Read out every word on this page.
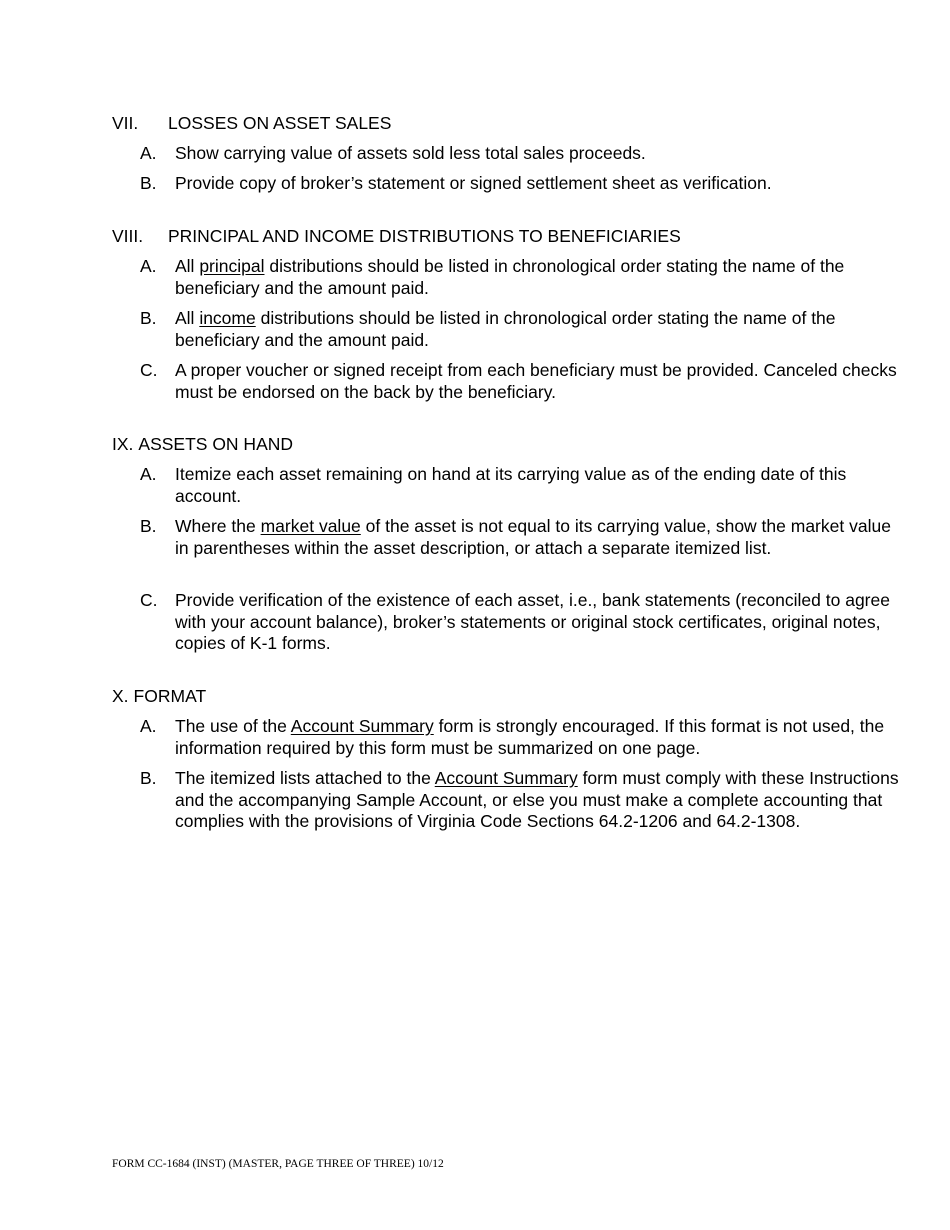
VII. LOSSES ON ASSET SALES
A. Show carrying value of assets sold less total sales proceeds.
B. Provide copy of broker’s statement or signed settlement sheet as verification.
VIII. PRINCIPAL AND INCOME DISTRIBUTIONS TO BENEFICIARIES
A. All principal distributions should be listed in chronological order stating the name of the beneficiary and the amount paid.
B. All income distributions should be listed in chronological order stating the name of the beneficiary and the amount paid.
C. A proper voucher or signed receipt from each beneficiary must be provided. Canceled checks must be endorsed on the back by the beneficiary.
IX. ASSETS ON HAND
A. Itemize each asset remaining on hand at its carrying value as of the ending date of this account.
B. Where the market value of the asset is not equal to its carrying value, show the market value in parentheses within the asset description, or attach a separate itemized list.
C. Provide verification of the existence of each asset, i.e., bank statements (reconciled to agree with your account balance), broker’s statements or original stock certificates, original notes, copies of K-1 forms.
X. FORMAT
A. The use of the Account Summary form is strongly encouraged. If this format is not used, the information required by this form must be summarized on one page.
B. The itemized lists attached to the Account Summary form must comply with these Instructions and the accompanying Sample Account, or else you must make a complete accounting that complies with the provisions of Virginia Code Sections 64.2-1206 and 64.2-1308.
FORM CC-1684 (INST) (MASTER, PAGE THREE OF THREE) 10/12
